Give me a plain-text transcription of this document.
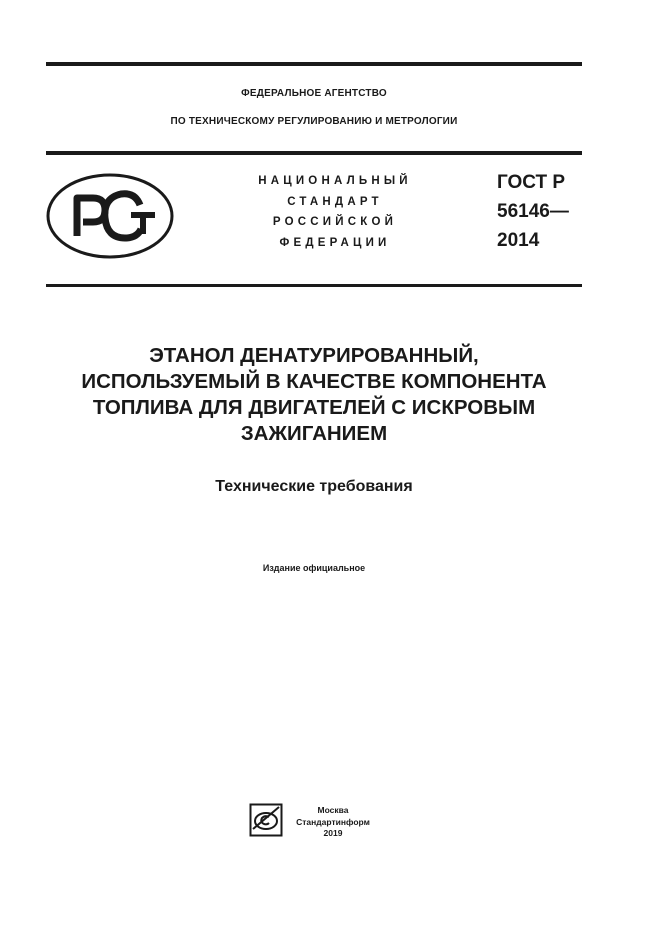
ФЕДЕРАЛЬНОЕ АГЕНТСТВО
ПО ТЕХНИЧЕСКОМУ РЕГУЛИРОВАНИЮ И МЕТРОЛОГИИ
НАЦИОНАЛЬНЫЙ
СТАНДАРТ
РОССИЙСКОЙ
ФЕДЕРАЦИИ
ГОСТ Р
56146—
2014
ЭТАНОЛ ДЕНАТУРИРОВАННЫЙ,
ИСПОЛЬЗУЕМЫЙ В КАЧЕСТВЕ КОМПОНЕНТА
ТОПЛИВА ДЛЯ ДВИГАТЕЛЕЙ С ИСКРОВЫМ
ЗАЖИГАНИЕМ
Технические требования
Издание официальное
Москва
Стандартинформ
2019
